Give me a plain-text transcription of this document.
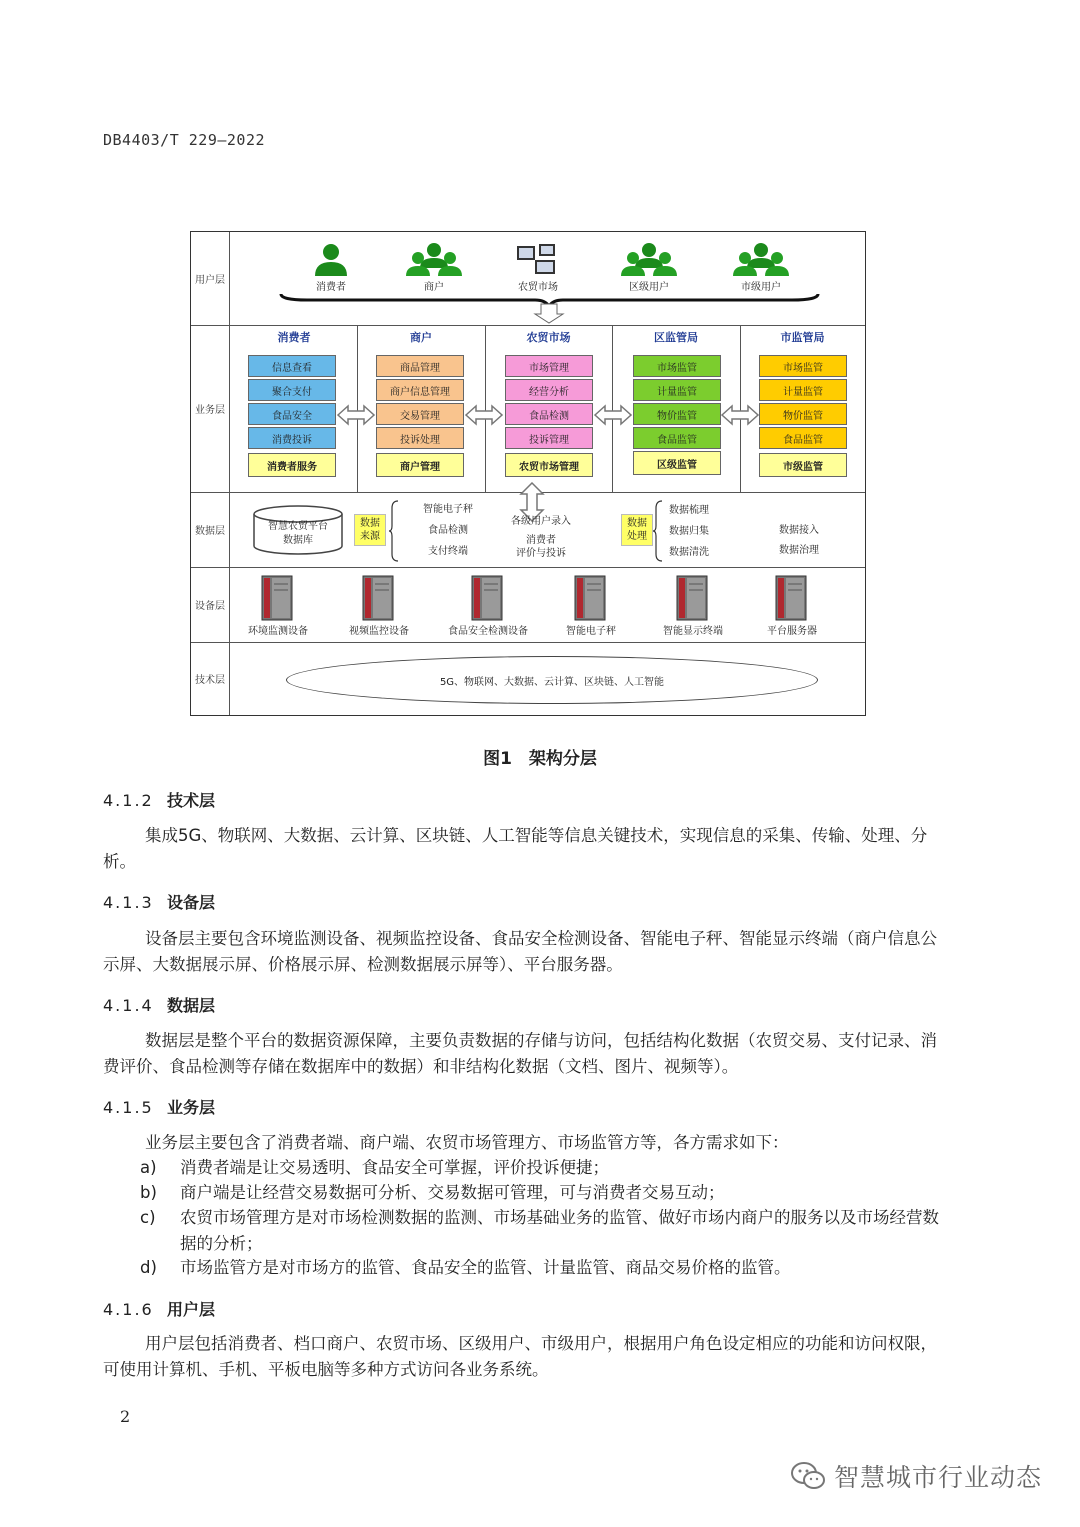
DB4403/T 229—2022
用户层
消费者	商户	农贸市场	区级用户	市级用户
业务层
消费者
信息查看
聚合支付
食品安全
消费投诉
消费者服务
商户
商品管理
商户信息管理
交易管理
投诉处理
商户管理
农贸市场
市场管理
经营分析
食品检测
投诉管理
农贸市场管理
区监管局
市场监管
计量监管
物价监管
食品监管
区级监管
市监管局
市场监管
计量监管
物价监管
食品监管
市级监管
数据层	智慧农贸平台
数据库
数据来源
智能电子秤
食品检测
支付终端
各级用户录入
消费者
评价与投诉
数据处理
数据梳理
数据归集
数据清洗
数据接入
数据治理
设备层
环境监测设备	视频监控设备	食品安全检测设备	智能电子秤	智能显示终端	平台服务器
技术层	5G、物联网、大数据、云计算、区块链、人工智能
图1　架构分层
4.1.2 技术层
集成5G、物联网、大数据、云计算、区块链、人工智能等信息关键技术，实现信息的采集、传输、处理、分析。
4.1.3 设备层
设备层主要包含环境监测设备、视频监控设备、食品安全检测设备、智能电子秤、智能显示终端（商户信息公示屏、大数据展示屏、价格展示屏、检测数据展示屏等）、平台服务器。
4.1.4 数据层
数据层是整个平台的数据资源保障，主要负责数据的存储与访问，包括结构化数据（农贸交易、支付记录、消费评价、食品检测等存储在数据库中的数据）和非结构化数据（文档、图片、视频等）。
4.1.5 业务层
业务层主要包含了消费者端、商户端、农贸市场管理方、市场监管方等，各方需求如下：
a) 消费者端是让交易透明、食品安全可掌握，评价投诉便捷；
b) 商户端是让经营交易数据可分析、交易数据可管理，可与消费者交易互动；
c) 农贸市场管理方是对市场检测数据的监测、市场基础业务的监管、做好市场内商户的服务以及市场经营数据的分析；
d) 市场监管方是对市场方的监管、食品安全的监管、计量监管、商品交易价格的监管。
4.1.6 用户层
用户层包括消费者、档口商户、农贸市场、区级用户、市级用户，根据用户角色设定相应的功能和访问权限，可使用计算机、手机、平板电脑等多种方式访问各业务系统。
2
智慧城市行业动态
